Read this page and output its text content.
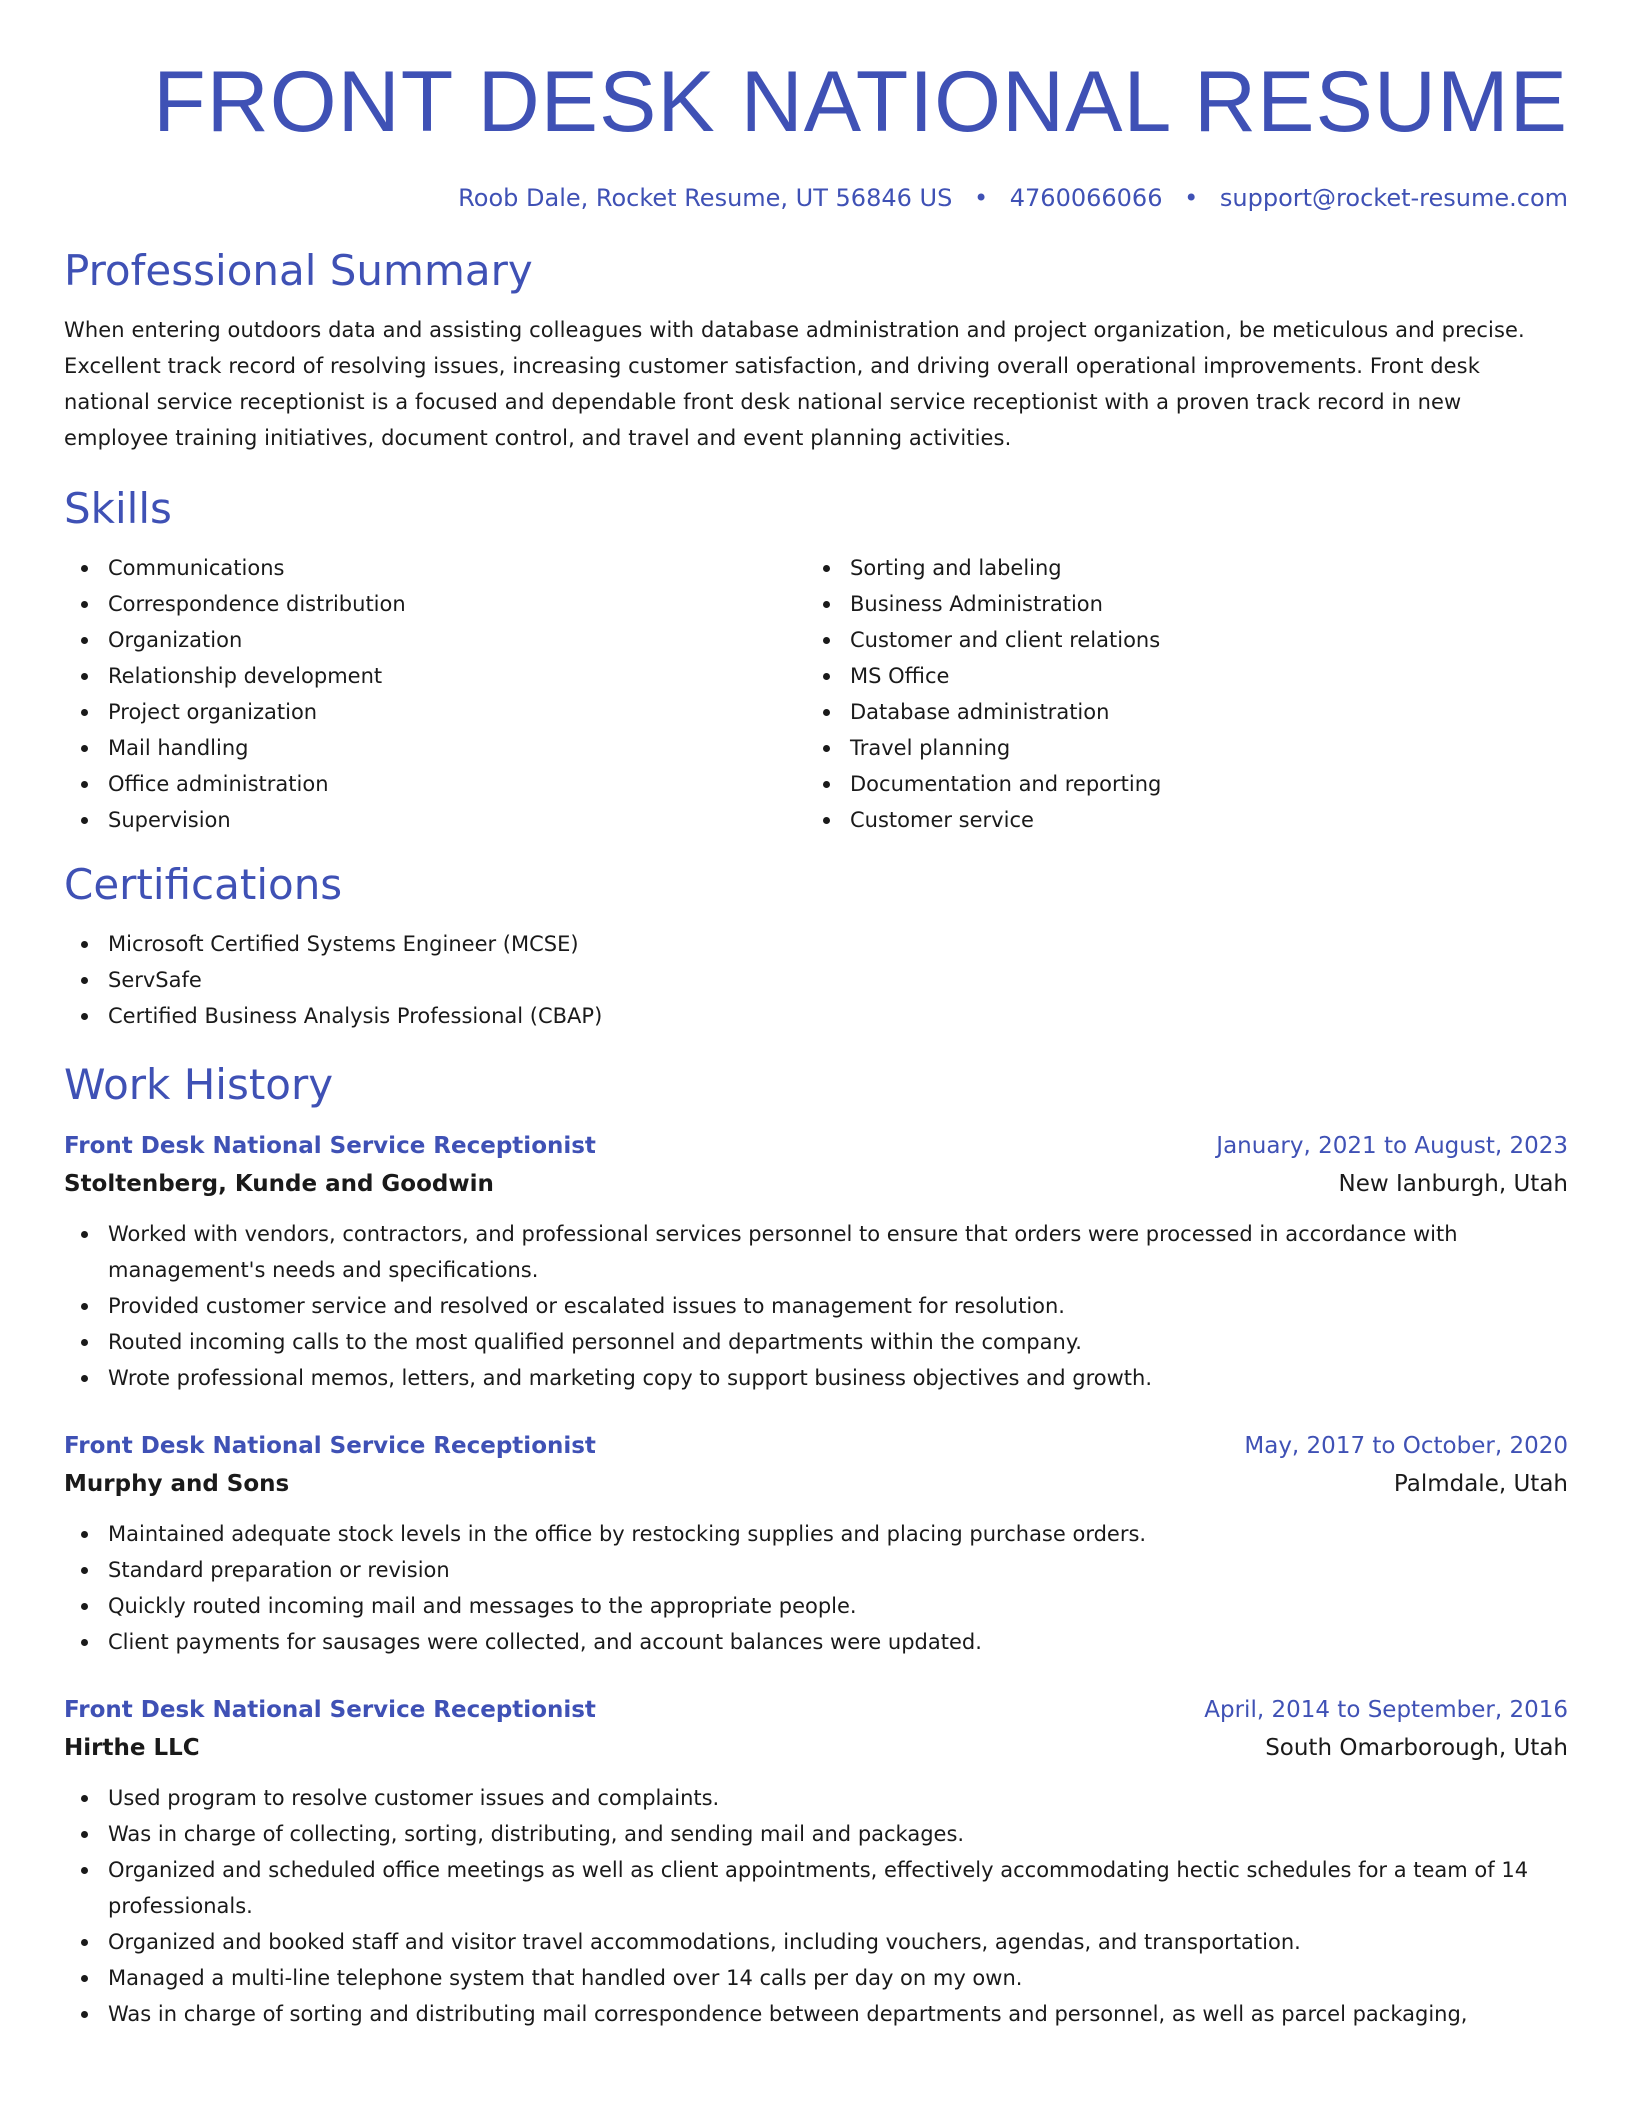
FRONT DESK NATIONAL RESUME
Roob Dale, Rocket Resume, UT 56846 US • 4760066066 • support@rocket-resume.com
Professional Summary

When entering outdoors data and assisting colleagues with database administration and project organization, be meticulous and precise. Excellent track record of resolving issues, increasing customer satisfaction, and driving overall operational improvements. Front desk national service receptionist is a focused and dependable front desk national service receptionist with a proven track record in new employee training initiatives, document control, and travel and event planning activities.

Skills
Communications
Correspondence distribution
Organization
Relationship development
Project organization
Mail handling
Office administration
Supervision
Sorting and labeling
Business Administration
Customer and client relations
MS Office
Database administration
Travel planning
Documentation and reporting
Customer service
Certifications
Microsoft Certified Systems Engineer (MCSE)
ServSafe
Certified Business Analysis Professional (CBAP)
Work History
Front Desk National Service Receptionist	January, 2021 to August, 2023
Stoltenberg, Kunde and Goodwin	New Ianburgh, Utah
Worked with vendors, contractors, and professional services personnel to ensure that orders were processed in accordance with management's needs and specifications.
Provided customer service and resolved or escalated issues to management for resolution.
Routed incoming calls to the most qualified personnel and departments within the company.
Wrote professional memos, letters, and marketing copy to support business objectives and growth.
Front Desk National Service Receptionist	May, 2017 to October, 2020
Murphy and Sons	Palmdale, Utah
Maintained adequate stock levels in the office by restocking supplies and placing purchase orders.
Standard preparation or revision
Quickly routed incoming mail and messages to the appropriate people.
Client payments for sausages were collected, and account balances were updated.
Front Desk National Service Receptionist	April, 2014 to September, 2016
Hirthe LLC	South Omarborough, Utah
Used program to resolve customer issues and complaints.
Was in charge of collecting, sorting, distributing, and sending mail and packages.
Organized and scheduled office meetings as well as client appointments, effectively accommodating hectic schedules for a team of 14 professionals.
Organized and booked staff and visitor travel accommodations, including vouchers, agendas, and transportation.
Managed a multi-line telephone system that handled over 14 calls per day on my own.
Was in charge of sorting and distributing mail correspondence between departments and personnel, as well as parcel packaging,
